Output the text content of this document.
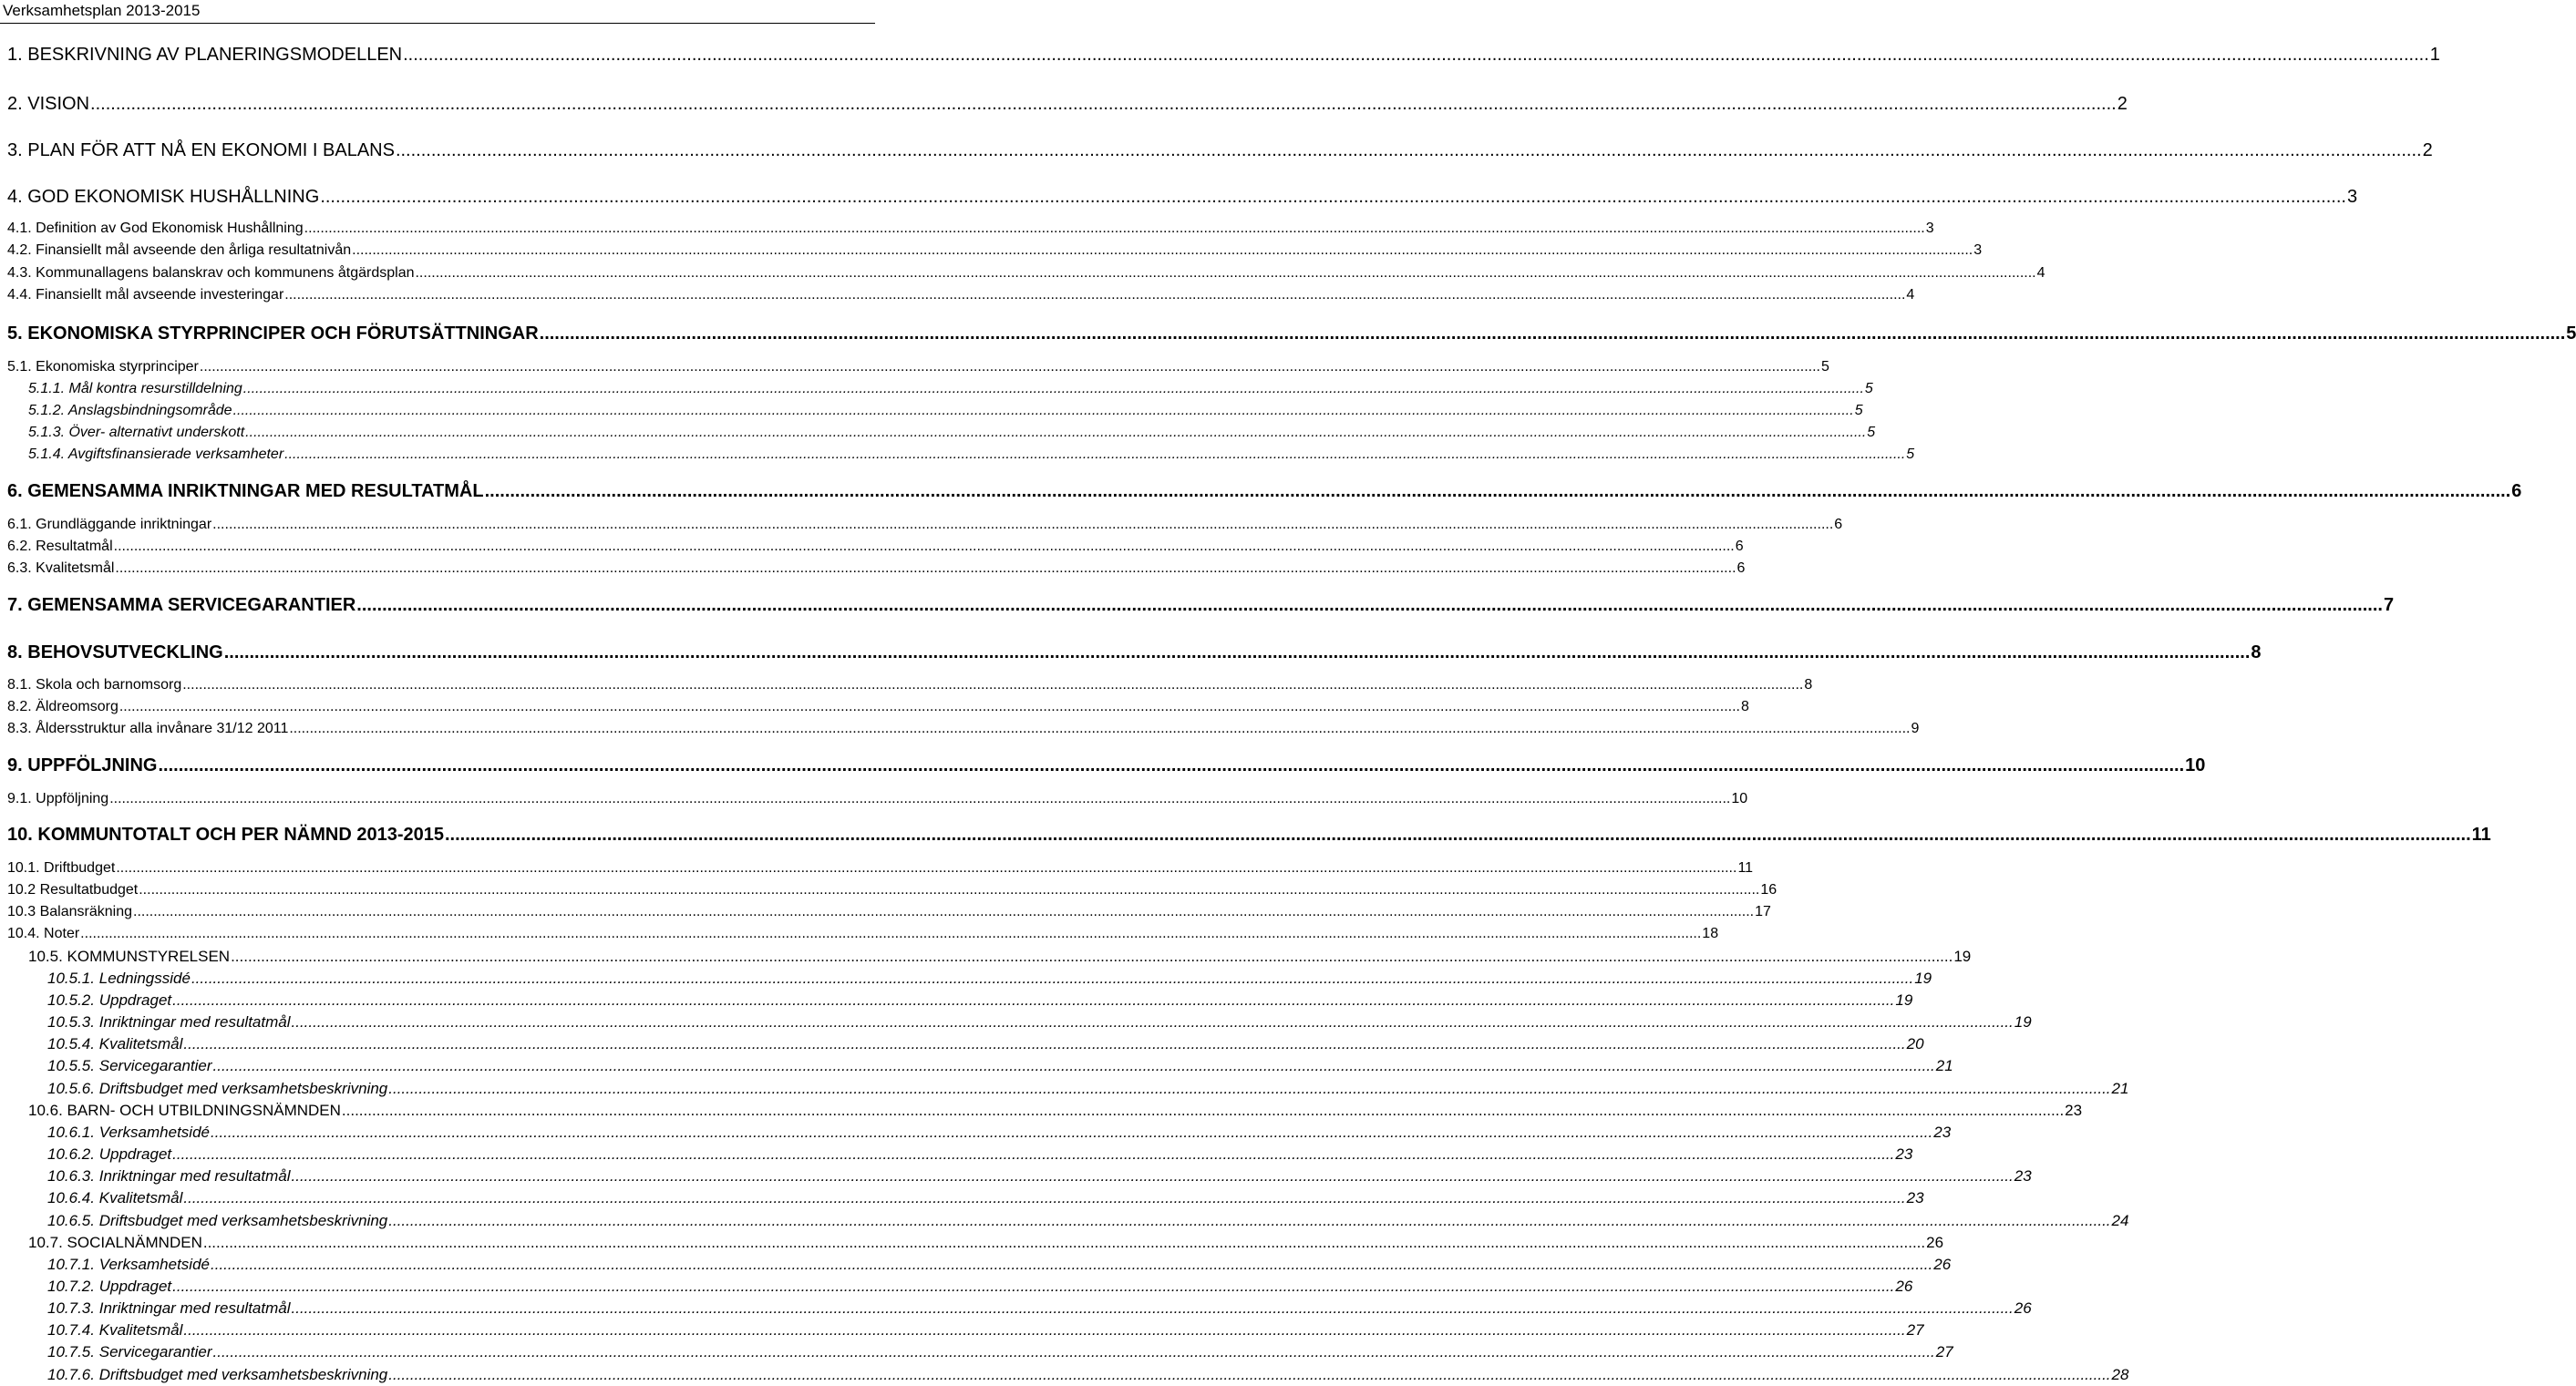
Verksamhetsplan 2013-2015
1. BESKRIVNING AV PLANERINGSMODELLEN ................................................................................................................................................................................................................................................................................................................................................................................................................ 1
2. VISION ................................................................................................................................................................................................................................................................................................................................................................................................................ 2
3. PLAN FÖR ATT NÅ EN EKONOMI I BALANS ................................................................................................................................................................................................................................................................................................................................................................................................................ 2
4. GOD EKONOMISK HUSHÅLLNING ................................................................................................................................................................................................................................................................................................................................................................................................................ 3
4.1. Definition av God Ekonomisk Hushållning ................................................................................................................................................................................................................................................................................................................................................................................................................ 3
4.2. Finansiellt mål avseende den årliga resultatnivån ................................................................................................................................................................................................................................................................................................................................................................................................................ 3
4.3. Kommunallagens balanskrav och kommunens åtgärdsplan ................................................................................................................................................................................................................................................................................................................................................................................................................ 4
4.4. Finansiellt mål avseende investeringar ................................................................................................................................................................................................................................................................................................................................................................................................................ 4
5. EKONOMISKA STYRPRINCIPER OCH FÖRUTSÄTTNINGAR ................................................................................................................................................................................................................................................................................................................................................................................................................ 5
5.1. Ekonomiska styrprinciper ................................................................................................................................................................................................................................................................................................................................................................................................................ 5
5.1.1. Mål kontra resurstilldelning ................................................................................................................................................................................................................................................................................................................................................................................................................ 5
5.1.2. Anslagsbindningsområde ................................................................................................................................................................................................................................................................................................................................................................................................................ 5
5.1.3. Över- alternativt underskott ................................................................................................................................................................................................................................................................................................................................................................................................................ 5
5.1.4. Avgiftsfinansierade verksamheter ................................................................................................................................................................................................................................................................................................................................................................................................................ 5
6. GEMENSAMMA INRIKTNINGAR MED RESULTATMÅL ................................................................................................................................................................................................................................................................................................................................................................................................................ 6
6.1. Grundläggande inriktningar ................................................................................................................................................................................................................................................................................................................................................................................................................ 6
6.2. Resultatmål ................................................................................................................................................................................................................................................................................................................................................................................................................ 6
6.3. Kvalitetsmål ................................................................................................................................................................................................................................................................................................................................................................................................................ 6
7. GEMENSAMMA SERVICEGARANTIER ................................................................................................................................................................................................................................................................................................................................................................................................................ 7
8. BEHOVSUTVECKLING ................................................................................................................................................................................................................................................................................................................................................................................................................ 8
8.1. Skola och barnomsorg ................................................................................................................................................................................................................................................................................................................................................................................................................ 8
8.2. Äldreomsorg ................................................................................................................................................................................................................................................................................................................................................................................................................ 8
8.3. Åldersstruktur alla invånare 31/12 2011 ................................................................................................................................................................................................................................................................................................................................................................................................................ 9
9. UPPFÖLJNING ................................................................................................................................................................................................................................................................................................................................................................................................................ 10
9.1. Uppföljning ................................................................................................................................................................................................................................................................................................................................................................................................................ 10
10. KOMMUNTOTALT OCH PER NÄMND 2013-2015 ................................................................................................................................................................................................................................................................................................................................................................................................................ 11
10.1. Driftbudget ................................................................................................................................................................................................................................................................................................................................................................................................................ 11
10.2 Resultatbudget ................................................................................................................................................................................................................................................................................................................................................................................................................ 16
10.3 Balansräkning ................................................................................................................................................................................................................................................................................................................................................................................................................ 17
10.4. Noter ................................................................................................................................................................................................................................................................................................................................................................................................................ 18
10.5. KOMMUNSTYRELSEN ................................................................................................................................................................................................................................................................................................................................................................................................................ 19
10.5.1. Ledningssidé ................................................................................................................................................................................................................................................................................................................................................................................................................ 19
10.5.2. Uppdraget ................................................................................................................................................................................................................................................................................................................................................................................................................ 19
10.5.3. Inriktningar med resultatmål ................................................................................................................................................................................................................................................................................................................................................................................................................ 19
10.5.4. Kvalitetsmål ................................................................................................................................................................................................................................................................................................................................................................................................................ 20
10.5.5. Servicegarantier ................................................................................................................................................................................................................................................................................................................................................................................................................ 21
10.5.6. Driftsbudget med verksamhetsbeskrivning ................................................................................................................................................................................................................................................................................................................................................................................................................ 21
10.6. BARN- OCH UTBILDNINGSNÄMNDEN ................................................................................................................................................................................................................................................................................................................................................................................................................ 23
10.6.1. Verksamhetsidé ................................................................................................................................................................................................................................................................................................................................................................................................................ 23
10.6.2. Uppdraget ................................................................................................................................................................................................................................................................................................................................................................................................................ 23
10.6.3. Inriktningar med resultatmål ................................................................................................................................................................................................................................................................................................................................................................................................................ 23
10.6.4. Kvalitetsmål ................................................................................................................................................................................................................................................................................................................................................................................................................ 23
10.6.5. Driftsbudget med verksamhetsbeskrivning ................................................................................................................................................................................................................................................................................................................................................................................................................ 24
10.7. SOCIALNÄMNDEN ................................................................................................................................................................................................................................................................................................................................................................................................................ 26
10.7.1. Verksamhetsidé ................................................................................................................................................................................................................................................................................................................................................................................................................ 26
10.7.2. Uppdraget ................................................................................................................................................................................................................................................................................................................................................................................................................ 26
10.7.3. Inriktningar med resultatmål ................................................................................................................................................................................................................................................................................................................................................................................................................ 26
10.7.4. Kvalitetsmål ................................................................................................................................................................................................................................................................................................................................................................................................................ 27
10.7.5. Servicegarantier ................................................................................................................................................................................................................................................................................................................................................................................................................ 27
10.7.6. Driftsbudget med verksamhetsbeskrivning ................................................................................................................................................................................................................................................................................................................................................................................................................ 28
